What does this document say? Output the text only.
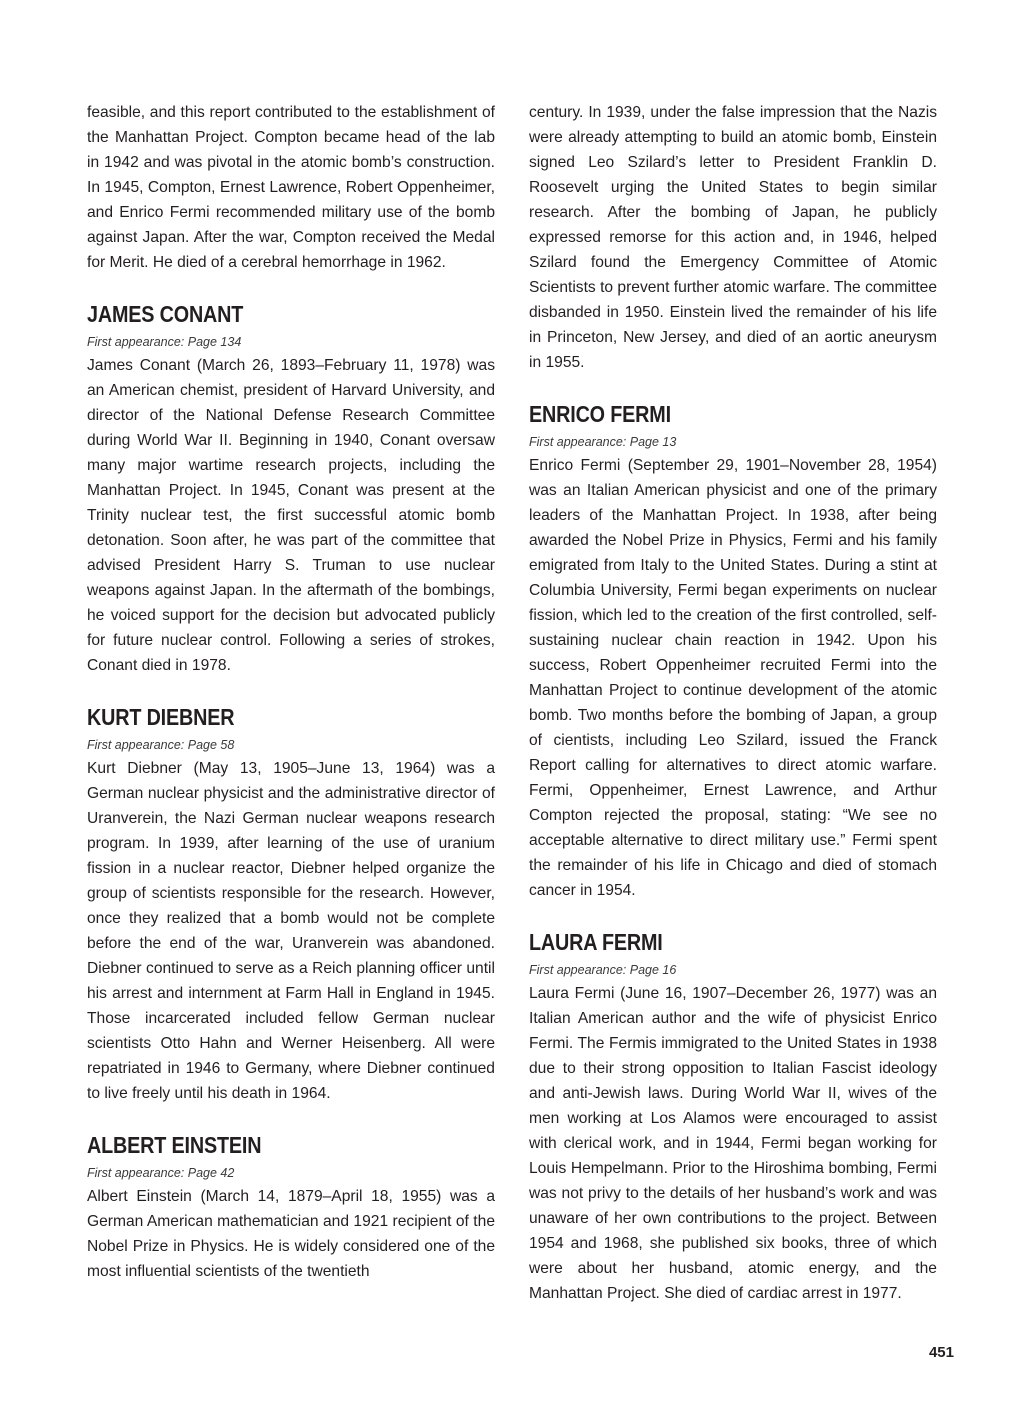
feasible, and this report contributed to the establishment of the Manhattan Project. Compton became head of the lab in 1942 and was pivotal in the atomic bomb’s construction. In 1945, Compton, Ernest Lawrence, Robert Oppenheimer, and Enrico Fermi recommended military use of the bomb against Japan. After the war, Compton received the Medal for Merit. He died of a cerebral hemorrhage in 1962.

JAMES CONANT
First appearance: Page 134

James Conant (March 26, 1893–February 11, 1978) was an American chemist, president of Harvard University, and director of the National Defense Research Committee during World War II. Beginning in 1940, Conant oversaw many major wartime research projects, including the Manhattan Project. In 1945, Conant was present at the Trinity nuclear test, the first successful atomic bomb detonation. Soon after, he was part of the committee that advised President Harry S. Truman to use nuclear weapons against Japan. In the aftermath of the bombings, he voiced support for the decision but advocated publicly for future nuclear control. Following a series of strokes, Conant died in 1978.

KURT DIEBNER
First appearance: Page 58

Kurt Diebner (May 13, 1905–June 13, 1964) was a German nuclear physicist and the administrative director of Uranverein, the Nazi German nuclear weapons research program. In 1939, after learning of the use of uranium fission in a nuclear reactor, Diebner helped organize the group of scientists responsible for the research. However, once they realized that a bomb would not be complete before the end of the war, Uranverein was abandoned. Diebner continued to serve as a Reich planning officer until his arrest and internment at Farm Hall in England in 1945. Those incarcerated included fellow German nuclear scientists Otto Hahn and Werner Heisenberg. All were repatriated in 1946 to Germany, where Diebner continued to live freely until his death in 1964.

ALBERT EINSTEIN
First appearance: Page 42

Albert Einstein (March 14, 1879–April 18, 1955) was a German American mathematician and 1921 recipient of the Nobel Prize in Physics. He is widely considered one of the most influential scientists of the twentieth

century. In 1939, under the false impression that the Nazis were already attempting to build an atomic bomb, Einstein signed Leo Szilard’s letter to President Franklin D. Roosevelt urging the United States to begin similar research. After the bombing of Japan, he publicly expressed remorse for this action and, in 1946, helped Szilard found the Emergency Committee of Atomic Scientists to prevent further atomic warfare. The committee disbanded in 1950. Einstein lived the remainder of his life in Princeton, New Jersey, and died of an aortic aneurysm in 1955.

ENRICO FERMI
First appearance: Page 13

Enrico Fermi (September 29, 1901–November 28, 1954) was an Italian American physicist and one of the primary leaders of the Manhattan Project. In 1938, after being awarded the Nobel Prize in Physics, Fermi and his family emigrated from Italy to the United States. During a stint at Columbia University, Fermi began experiments on nuclear fission, which led to the creation of the first controlled, self-sustaining nuclear chain reaction in 1942. Upon his success, Robert Oppenheimer recruited Fermi into the Manhattan Project to continue development of the atomic bomb. Two months before the bombing of Japan, a group of cientists, including Leo Szilard, issued the Franck Report calling for alternatives to direct atomic warfare. Fermi, Oppenheimer, Ernest Lawrence, and Arthur Compton rejected the proposal, stating: “We see no acceptable alternative to direct military use.” Fermi spent the remainder of his life in Chicago and died of stomach cancer in 1954.

LAURA FERMI
First appearance: Page 16

Laura Fermi (June 16, 1907–December 26, 1977) was an Italian American author and the wife of physicist Enrico Fermi. The Fermis immigrated to the United States in 1938 due to their strong opposition to Italian Fascist ideology and anti-Jewish laws. During World War II, wives of the men working at Los Alamos were encouraged to assist with clerical work, and in 1944, Fermi began working for Louis Hempelmann. Prior to the Hiroshima bombing, Fermi was not privy to the details of her husband’s work and was unaware of her own contributions to the project. Between 1954 and 1968, she published six books, three of which were about her husband, atomic energy, and the Manhattan Project. She died of cardiac arrest in 1977.

451
